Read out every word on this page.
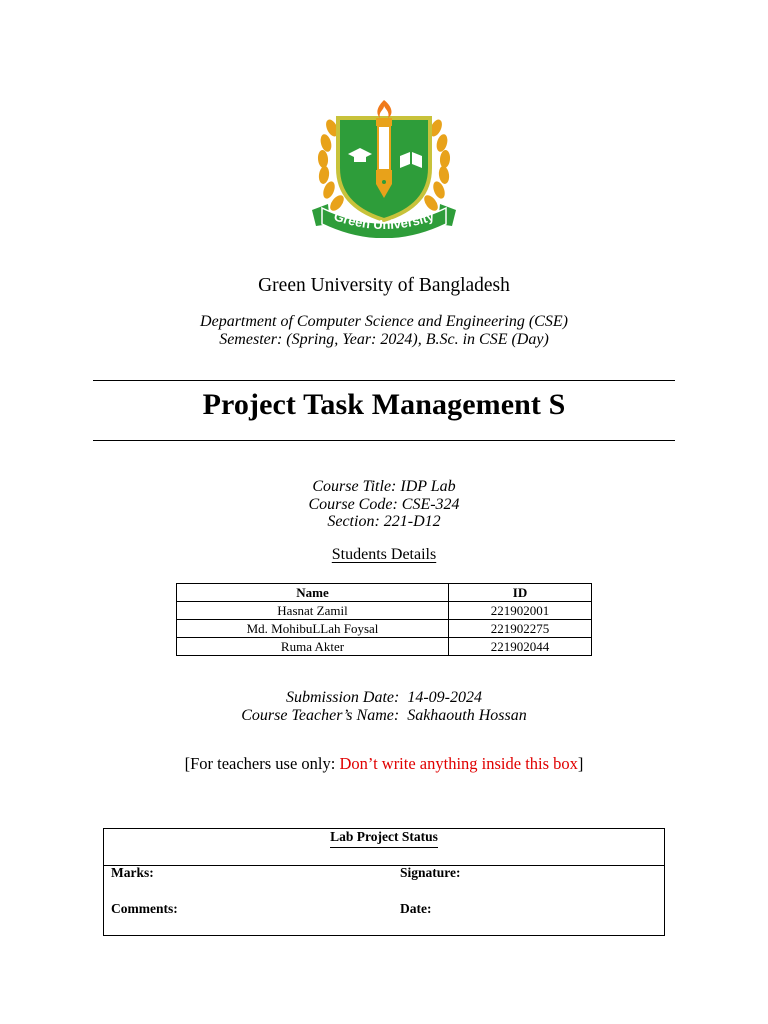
Green University
Green University of Bangladesh
Department of Computer Science and Engineering (CSE)
Semester: (Spring, Year: 2024), B.Sc. in CSE (Day)
Project Task Management S
Course Title: IDP Lab
Course Code: CSE-324
Section: 221-D12
Students Details
Name	ID
Hasnat Zamil	221902001
Md. MohibuLLah Foysal	221902275
Ruma Akter	221902044
Submission Date: 14-09-2024
Course Teacher’s Name: Sakhaouth Hossan
[For teachers use only: Don’t write anything inside this box]
Lab Project Status
Marks:	Signature:
Comments:	Date:
